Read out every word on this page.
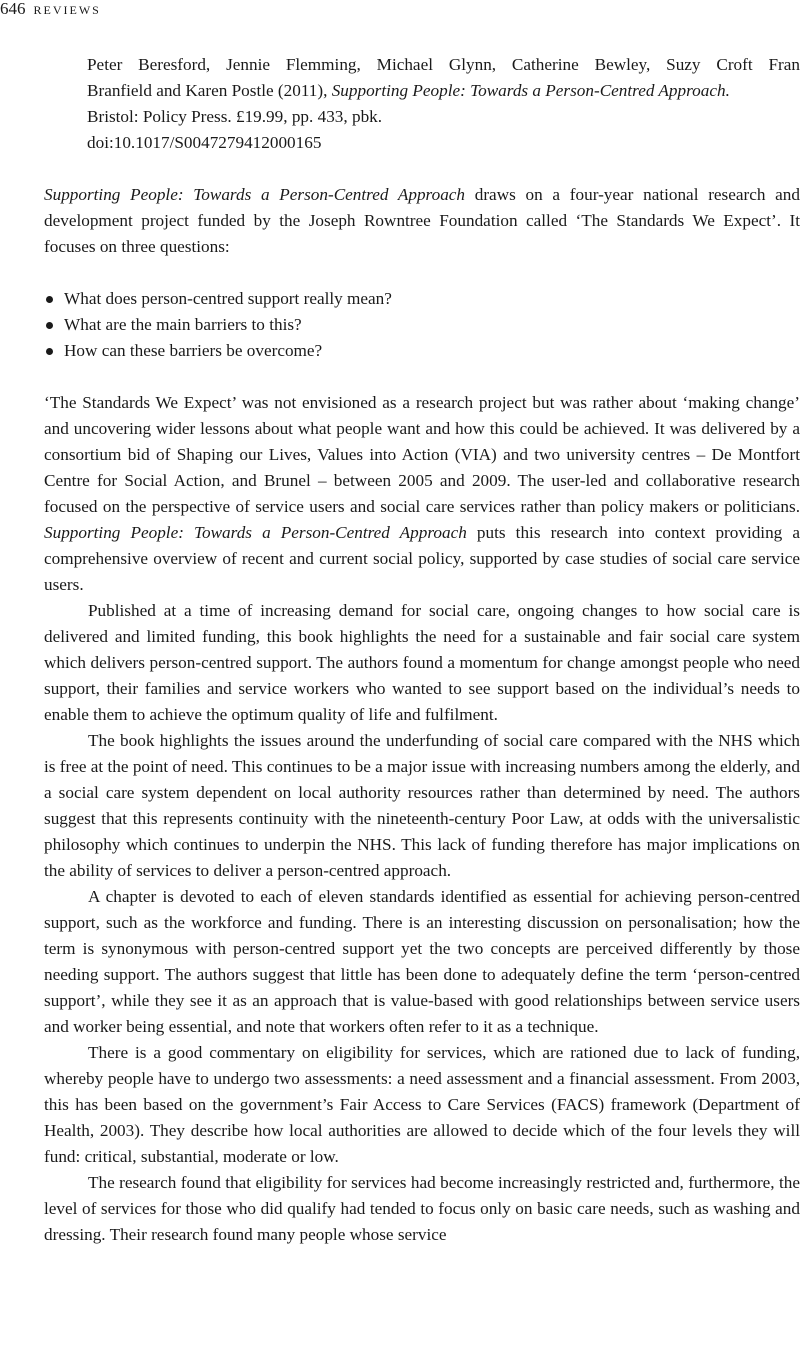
646 reviews
Peter Beresford, Jennie Flemming, Michael Glynn, Catherine Bewley, Suzy Croft Fran
Branfield and Karen Postle (2011), Supporting People: Towards a Person-Centred Approach.
Bristol: Policy Press. £19.99, pp. 433, pbk.
doi:10.1017/S0047279412000165

Supporting People: Towards a Person-Centred Approach draws on a four-year national research and development project funded by the Joseph Rowntree Foundation called ‘The Standards We Expect’. It focuses on three questions:

What does person-centred support really mean?
What are the main barriers to this?
How can these barriers be overcome?

‘The Standards We Expect’ was not envisioned as a research project but was rather about ‘making change’ and uncovering wider lessons about what people want and how this could be achieved. It was delivered by a consortium bid of Shaping our Lives, Values into Action (VIA) and two university centres – De Montfort Centre for Social Action, and Brunel – between 2005 and 2009. The user-led and collaborative research focused on the perspective of service users and social care services rather than policy makers or politicians. Supporting People: Towards a Person-Centred Approach puts this research into context providing a comprehensive overview of recent and current social policy, supported by case studies of social care service users.

Published at a time of increasing demand for social care, ongoing changes to how social care is delivered and limited funding, this book highlights the need for a sustainable and fair social care system which delivers person-centred support. The authors found a momentum for change amongst people who need support, their families and service workers who wanted to see support based on the individual’s needs to enable them to achieve the optimum quality of life and fulfilment.

The book highlights the issues around the underfunding of social care compared with the NHS which is free at the point of need. This continues to be a major issue with increasing numbers among the elderly, and a social care system dependent on local authority resources rather than determined by need. The authors suggest that this represents continuity with the nineteenth-century Poor Law, at odds with the universalistic philosophy which continues to underpin the NHS. This lack of funding therefore has major implications on the ability of services to deliver a person-centred approach.

A chapter is devoted to each of eleven standards identified as essential for achieving person-centred support, such as the workforce and funding. There is an interesting discussion on personalisation; how the term is synonymous with person-centred support yet the two concepts are perceived differently by those needing support. The authors suggest that little has been done to adequately define the term ‘person-centred support’, while they see it as an approach that is value-based with good relationships between service users and worker being essential, and note that workers often refer to it as a technique.

There is a good commentary on eligibility for services, which are rationed due to lack of funding, whereby people have to undergo two assessments: a need assessment and a financial assessment. From 2003, this has been based on the government’s Fair Access to Care Services (FACS) framework (Department of Health, 2003). They describe how local authorities are allowed to decide which of the four levels they will fund: critical, substantial, moderate or low.

The research found that eligibility for services had become increasingly restricted and, furthermore, the level of services for those who did qualify had tended to focus only on basic care needs, such as washing and dressing. Their research found many people whose service
